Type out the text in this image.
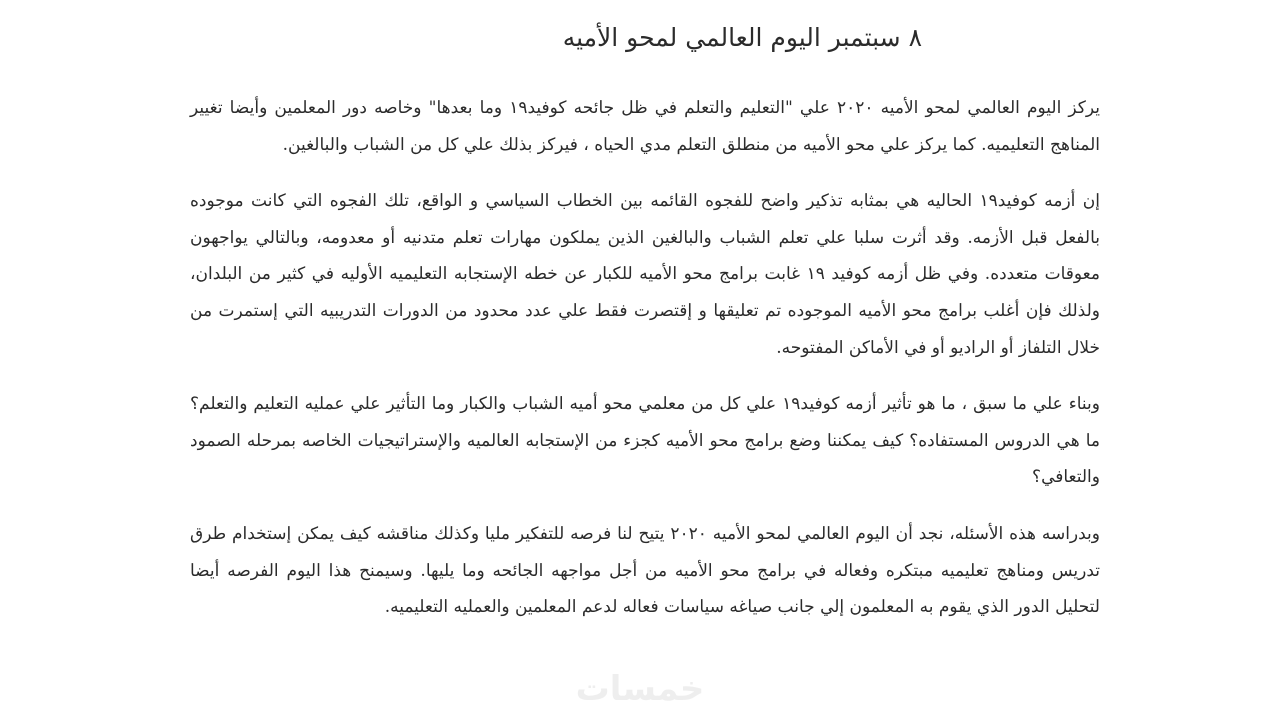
٨ سبتمبر اليوم العالمي لمحو الأميه

يركز اليوم العالمي لمحو الأميه ٢٠٢٠ علي "التعليم والتعلم في ظل جائحه كوفيد١٩ وما بعدها" وخاصه دور المعلمين وأيضا تغيير المناهج التعليميه. كما يركز علي محو الأميه من منطلق التعلم مدي الحياه ، فيركز بذلك علي كل من الشباب والبالغين.

إن أزمه كوفيد١٩ الحاليه هي بمثابه تذكير واضح للفجوه القائمه بين الخطاب السياسي و الواقع، تلك الفجوه التي كانت موجوده بالفعل قبل الأزمه. وقد أثرت سلبا علي تعلم الشباب والبالغين الذين يملكون مهارات تعلم متدنيه أو معدومه، وبالتالي يواجهون معوقات متعدده. وفي ظل أزمه كوفيد ١٩ غابت برامج محو الأميه للكبار عن خطه الإستجابه التعليميه الأوليه في كثير من البلدان، ولذلك فإن أغلب برامج محو الأميه الموجوده تم تعليقها و إقتصرت فقط علي عدد محدود من الدورات التدريبيه التي إستمرت من خلال التلفاز أو الراديو أو في الأماكن المفتوحه.

وبناء علي ما سبق ، ما هو تأثير أزمه كوفيد١٩ علي كل من معلمي محو أميه الشباب والكبار وما التأثير علي عمليه التعليم والتعلم؟ ما هي الدروس المستفاده؟ كيف يمكننا وضع برامج محو الأميه كجزء من الإستجابه العالميه والإستراتيجيات الخاصه بمرحله الصمود والتعافي؟

وبدراسه هذه الأسئله، نجد أن اليوم العالمي لمحو الأميه ٢٠٢٠ يتيح لنا فرصه للتفكير مليا وكذلك مناقشه كيف يمكن إستخدام طرق تدريس ومناهج تعليميه مبتكره وفعاله في برامج محو الأميه من أجل مواجهه الجائحه وما يليها. وسيمنح هذا اليوم الفرصه أيضا لتحليل الدور الذي يقوم به المعلمون إلي جانب صياغه سياسات فعاله لدعم المعلمين والعمليه التعليميه.

خمسات
